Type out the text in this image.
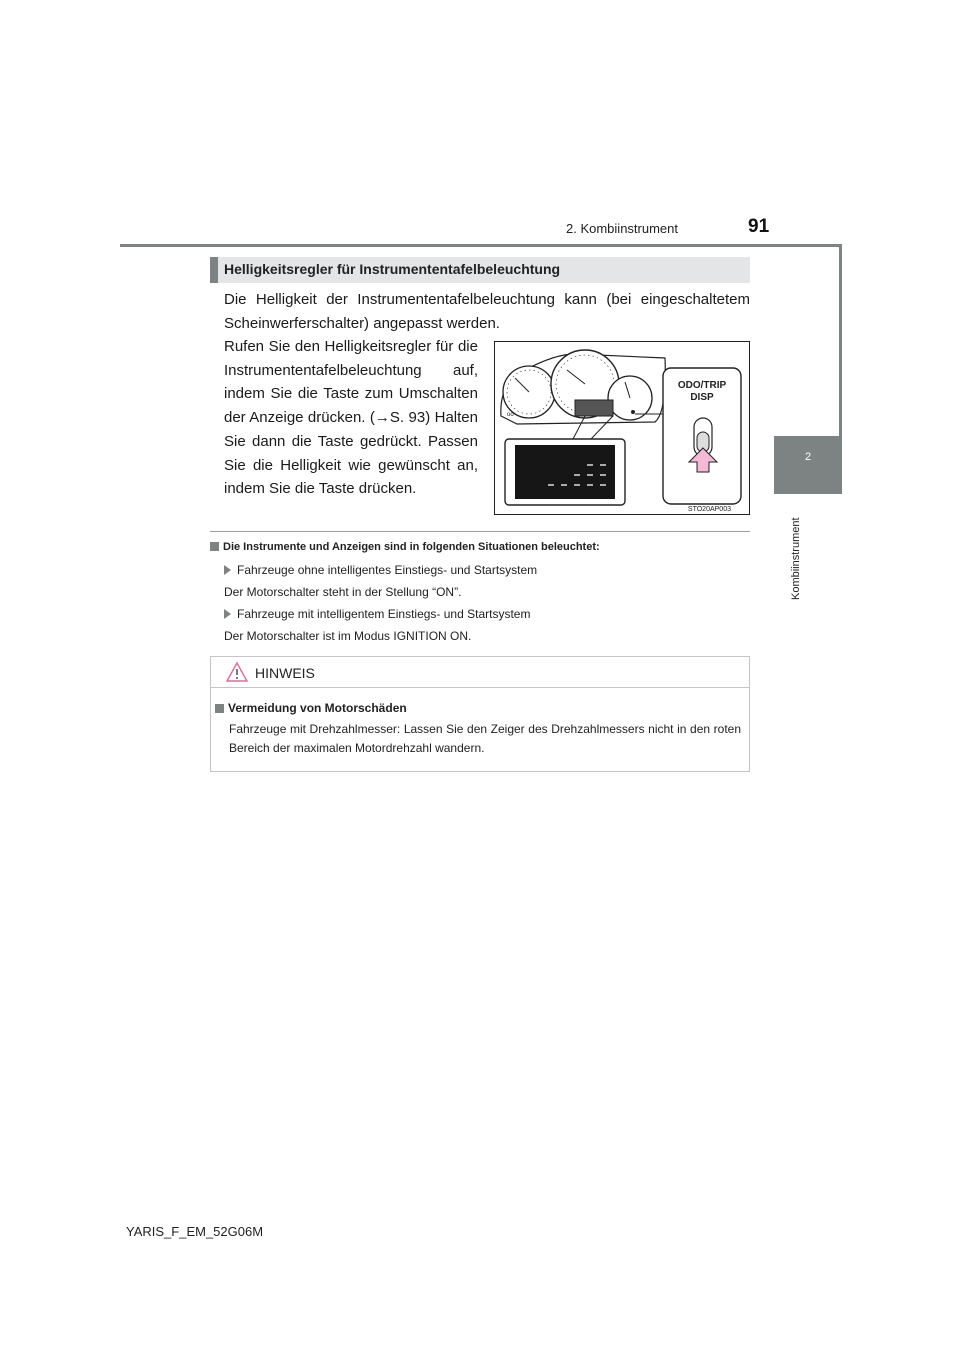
2. Kombiinstrument	91
2
Kombiinstrument
Helligkeitsregler für Instrumententafelbeleuchtung

Die Helligkeit der Instrumententafelbeleuchtung kann (bei eingeschaltetem Scheinwerferschalter) angepasst werden.

Rufen Sie den Helligkeitsregler für die Instrumententafelbeleuchtung auf, indem Sie die Taste zum Umschalten der Anzeige drücken. (→S. 93) Halten Sie dann die Taste gedrückt. Passen Sie die Helligkeit wie gewünscht an, indem Sie die Taste drücken.

oo
ODO/TRIP
DISP
STO20AP003
Die Instrumente und Anzeigen sind in folgenden Situationen beleuchtet:
Fahrzeuge ohne intelligentes Einstiegs- und Startsystem
Der Motorschalter steht in der Stellung “ON”.
Fahrzeuge mit intelligentem Einstiegs- und Startsystem
Der Motorschalter ist im Modus IGNITION ON.
HINWEIS
Vermeidung von Motorschäden

Fahrzeuge mit Drehzahlmesser: Lassen Sie den Zeiger des Drehzahlmessers nicht in den roten Bereich der maximalen Motordrehzahl wandern.

YARIS_F_EM_52G06M
